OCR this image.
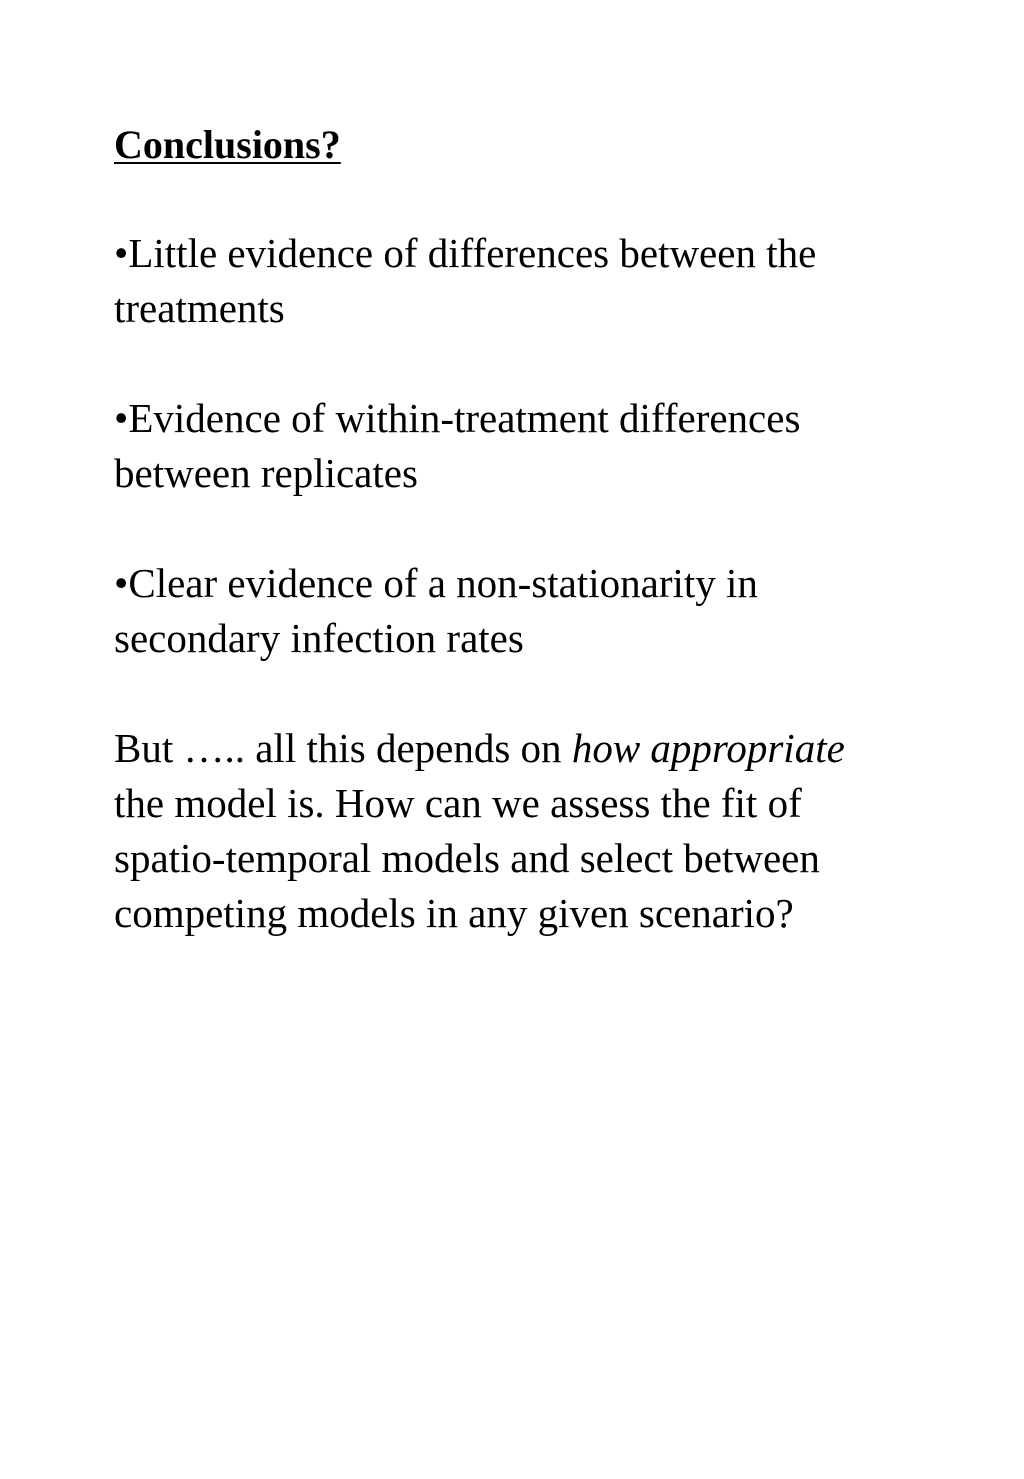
Conclusions?
•Little evidence of differences between the
treatments
•Evidence of within-treatment differences
between replicates
•Clear evidence of a non-stationarity in
secondary infection rates
But ….. all this depends on how appropriate
the model is. How can we assess the fit of
spatio-temporal models and select between
competing models in any given scenario?
